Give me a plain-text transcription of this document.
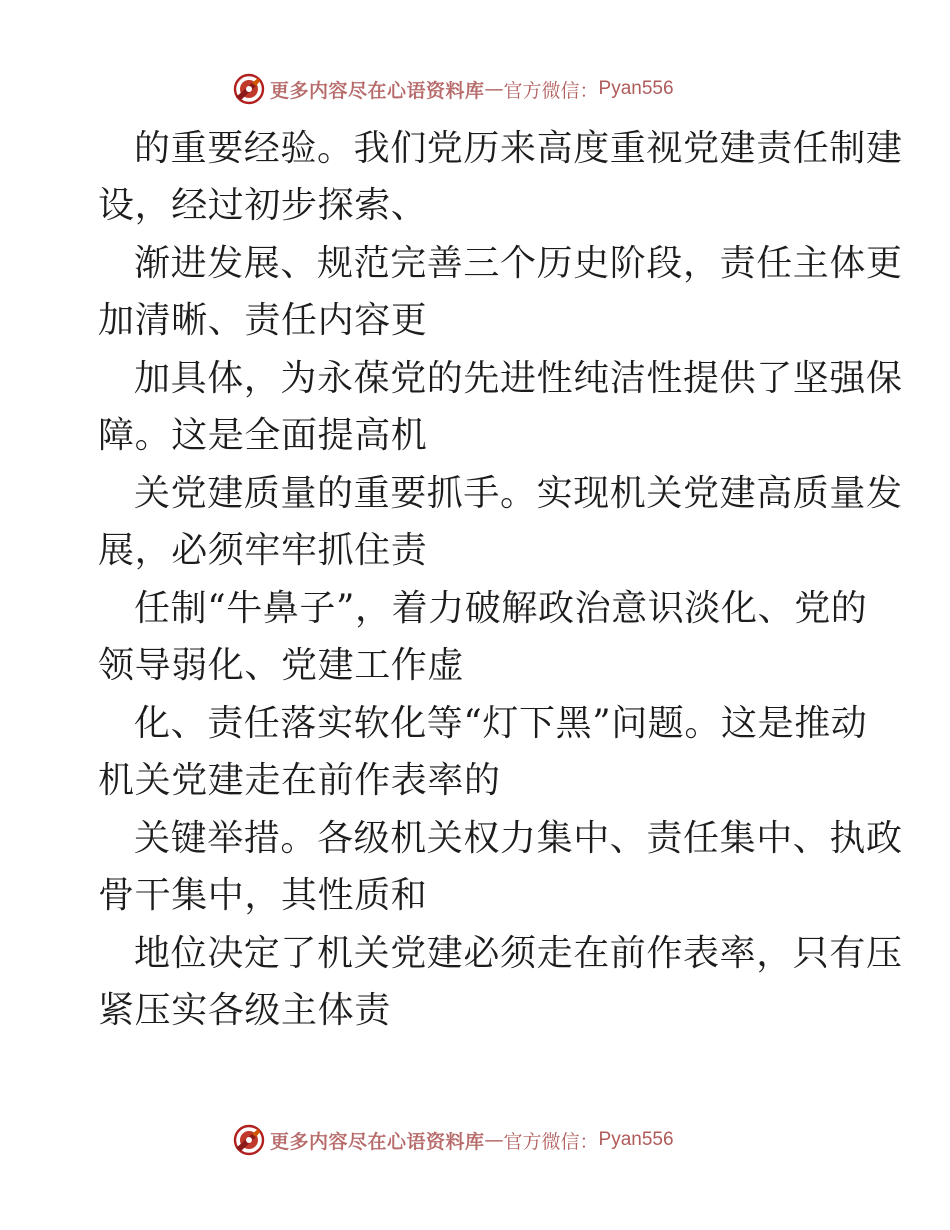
更多内容尽在心语资料库 — 官方微信： Pyan556
的重要经验。我们党历来高度重视党建责任制建
设，经过初步探索、
渐进发展、规范完善三个历史阶段，责任主体更
加清晰、责任内容更
加具体，为永葆党的先进性纯洁性提供了坚强保
障。这是全面提高机
关党建质量的重要抓手。实现机关党建高质量发
展，必须牢牢抓住责
任制“牛鼻子”，着力破解政治意识淡化、党的
领导弱化、党建工作虚
化、责任落实软化等“灯下黑”问题。这是推动
机关党建走在前作表率的
关键举措。各级机关权力集中、责任集中、执政
骨干集中，其性质和
地位决定了机关党建必须走在前作表率，只有压
紧压实各级主体责
更多内容尽在心语资料库 — 官方微信： Pyan556
